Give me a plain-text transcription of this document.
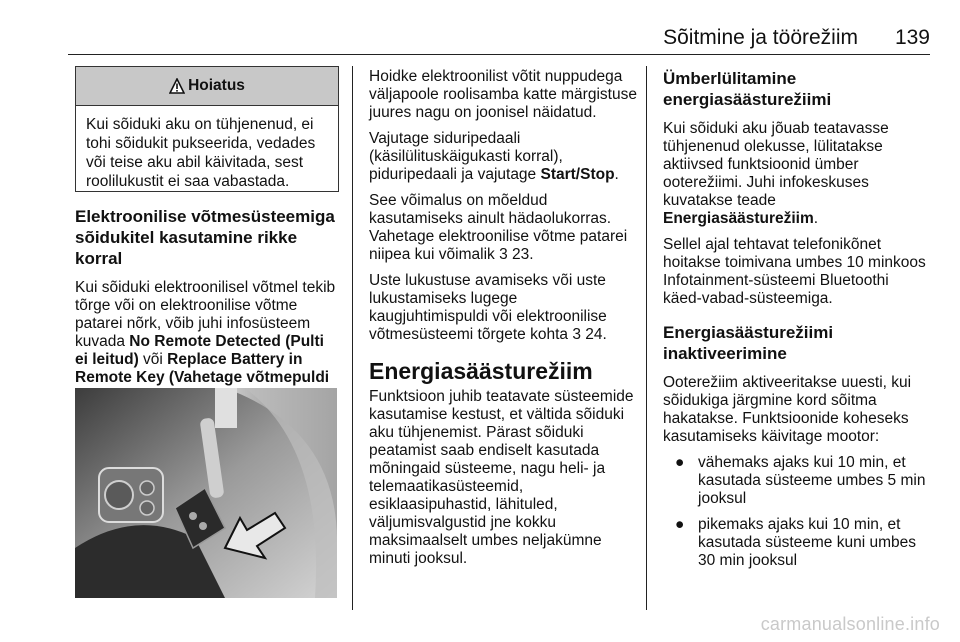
Sõitmine ja töörežiim	139
Hoiatus
Kui sõiduki aku on tühjenenud, ei tohi sõidukit pukseerida, vedades või teise aku abil käivitada, sest roolilukustit ei saa vabastada.
Elektroonilise võtmesüsteemiga sõidukitel kasutamine rikke korral

Kui sõiduki elektroonilisel võtmel tekib tõrge või on elektroonilise võtme patarei nõrk, võib juhi infosüsteem kuvada No Remote Detected (Pulti ei leitud) või Replace Battery in Remote Key (Vahetage võtmepuldi

Hoidke elektroonilist võtit nuppudega väljapoole roolisamba katte märgistuse juures nagu on joonisel näidatud.

Vajutage siduripedaali (käsilülituskäigukasti korral), piduripedaali ja vajutage Start/Stop.

See võimalus on mõeldud kasutamiseks ainult hädaolukorras. Vahetage elektroonilise võtme patarei niipea kui võimalik 3 23.

Uste lukustuse avamiseks või uste lukustamiseks lugege kaugjuhtimispuldi või elektroonilise võtmesüsteemi tõrgete kohta 3 24.

Energiasäästurežiim

Funktsioon juhib teatavate süsteemide kasutamise kestust, et vältida sõiduki aku tühjenemist. Pärast sõiduki peatamist saab endiselt kasutada mõningaid süsteeme, nagu heli- ja telemaatikasüsteemid, esiklaasipuhastid, lähituled, väljumisvalgustid jne kokku maksimaalselt umbes neljakümne minuti jooksul.

Ümberlülitamine energiasäästurežiimi

Kui sõiduki aku jõuab teatavasse tühjenenud olekusse, lülitatakse aktiivsed funktsioonid ümber ooterežiimi. Juhi infokeskuses kuvatakse teade Energiasäästurežiim.

Sellel ajal tehtavat telefonikõnet hoitakse toimivana umbes 10 minkoos Infotainment-süsteemi Bluetoothi käed-vabad-süsteemiga.

Energiasäästurežiimi inaktiveerimine

Ooterežiim aktiveeritakse uuesti, kui sõidukiga järgmine kord sõitma hakatakse. Funktsioonide koheseks kasutamiseks käivitage mootor:

● vähemaks ajaks kui 10 min, et kasutada süsteeme umbes 5 min jooksul
● pikemaks ajaks kui 10 min, et kasutada süsteeme kuni umbes 30 min jooksul
carmanualsonline.info
